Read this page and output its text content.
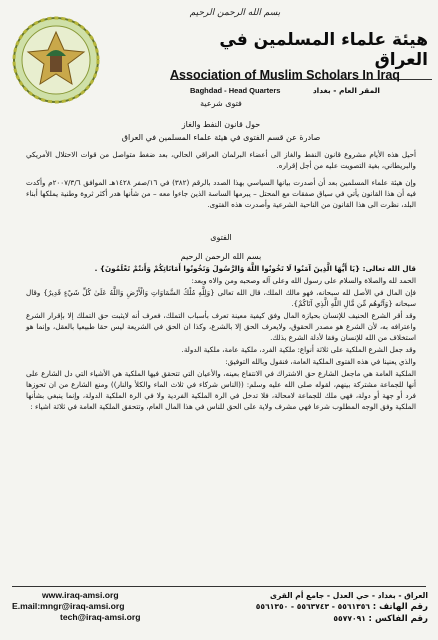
بسم الله الرحمن الرحيم
هيئة علماء المسلمين في العراق
Association of Muslim Scholars In Iraq
Baghdad - Head Quarters	المقر العام - بغداد
فتوى شرعية
حول قانون النفط والغاز
صادرة عن قسم الفتوى في هيئة علماء المسلمين في العراق
أحيل هذه الأيام مشروع قانون النفط والغاز الى أعضاء البرلمان العراقي الحالي، بعد ضغط متواصل من قوات الاحتلال الأمريكي والبريطاني، بغية التصويت عليه من أجل إقراره.
وإن هيئة علماء المسلمين بعد أن أصدرت بيانها السياسي بهذا الصدد بالرقم (٣٨٢) في ١٦/صفر ١٤٢٨هـ الموافق ٢٠٠٧/٣/٦م وأكدت فيه أن هذا القانون يأتي في سياق صفقات مع المحتل – يبرمها الساسة الذين جاءوا معه – من شأنها هدر أكثر ثروة وطنية يملكها أبناء البلد، نظرت الى هذا القانون من الناحية الشرعية وأصدرت هذه الفتوى.
الفتوى
بسم الله الرحمن الرحيم
قال الله تعالى: {يَا أَيُّهَا الَّذِينَ آمَنُوا لَا تَخُونُوا اللَّهَ وَالرَّسُولَ وَتَخُونُوا أَمَانَاتِكُمْ وَأَنتُمْ تَعْلَمُونَ} .
الحمد لله والصلاة والسلام على رسول الله وعلى آله وصحبه ومن والاه وبعد:
فإن المال في الأصل لله سبحانه، فهو مالك الملك، قال الله تعالى {وَلِلَّهِ مُلْكُ السَّمَاوَاتِ وَالْأَرْضِ وَاللَّهُ عَلَىٰ كُلِّ شَيْءٍ قَدِيرٌ} وقال سبحانه {وَآتُوهُم مِّن مَّالِ اللَّهِ الَّذِي آتَاكُمْ}.
وقد أقر الشرع الحنيف للإنسان بحيازة المال وفق كيفية معينة تعرف بأسباب التملك، فعرف أنه لايثبت حق التملك إلا بإقرار الشرع واعترافه به، لأن الشرع هو مصدر الحقوق، ولايعرف الحق إلا بالشرع، وكذا ان الحق في الشريعة ليس حقا طبيعيا بالعقل، وإنما هو استخلاف من الله للإنسان وفقا لأدلة الشرع بذلك.
وقد جعل الشرع الملكية على ثلاثة أنواع: ملكية الفرد، ملكية عامة، ملكية الدولة.
والذي يعنينا في هذه الفتوى الملكية العامة، فنقول وبالله التوفيق:
الملكية العامة هي ماجعل الشارع حق الاشتراك في الانتفاع بعينه، والأعيان التي تتحقق فيها الملكية هي الأشياء التي دل الشارع على أنها للجماعة مشتركة بينهم، لقوله صلى الله عليه وسلم: ((الناس شركاء في ثلاث الماء والكلأ والنار)) ومنع الشارع من ان تحوزها فرد أو جهة أو دولة، فهي ملك للجماعة لامحالة، فلا تدخل في الرة الملكية الفردية ولا في الرة الملكية الدولة، وإنما ينبغي بشأنها الملكية وفق الوجه المطلوب شرعا فهي مشرف ولاية على الحق للناس في هذا المال العام، وتتحقق الملكية العامة في ثلاثة اشياء :
www.iraq-amsi.org
E.mail:mngr@iraq-amsi.org
tech@iraq-amsi.org
العراق - بغداد - حي العدل - جامع أم القرى
رقم الهاتف : ٥٥٦١٣٥٦ - ٥٥٦٣٧٤٣ - ٥٥٦١٣٥٠
رقم الفاكس : ٥٥٧٧٠٩١
